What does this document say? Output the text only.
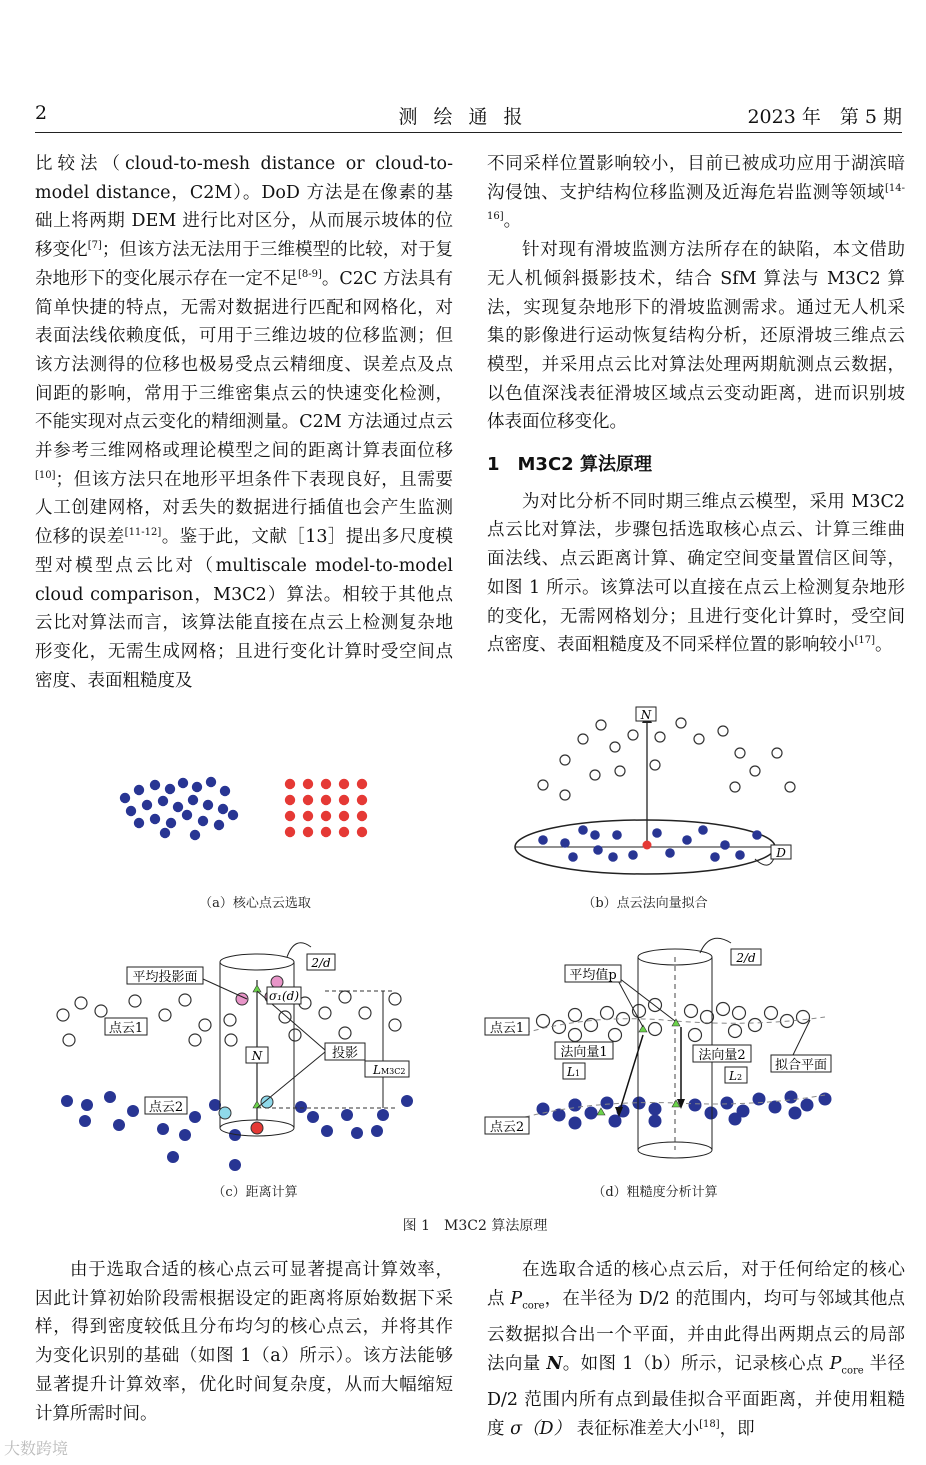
2	测绘通报	2023 年　第 5 期

比较法（cloud-to-mesh distance or cloud-to-model distance，C2M）。DoD 方法是在像素的基础上将两期 DEM 进行比对区分，从而展示坡体的位移变化[7]；但该方法无法用于三维模型的比较，对于复杂地形下的变化展示存在一定不足[8-9]。C2C 方法具有简单快捷的特点，无需对数据进行匹配和网格化，对表面法线依赖度低，可用于三维边坡的位移监测；但该方法测得的位移也极易受点云精细度、误差点及点间距的影响，常用于三维密集点云的快速变化检测，不能实现对点云变化的精细测量。C2M 方法通过点云并参考三维网格或理论模型之间的距离计算表面位移[10]；但该方法只在地形平坦条件下表现良好，且需要人工创建网格，对丢失的数据进行插值也会产生监测位移的误差[11-12]。鉴于此，文献［13］提出多尺度模型对模型点云比对（multiscale model-to-model cloud comparison，M3C2）算法。相较于其他点云比对算法而言，该算法能直接在点云上检测复杂地形变化，无需生成网格；且进行变化计算时受空间点密度、表面粗糙度及

不同采样位置影响较小，目前已被成功应用于湖滨暗沟侵蚀、支护结构位移监测及近海危岩监测等领域[14-16]。

针对现有滑坡监测方法所存在的缺陷，本文借助无人机倾斜摄影技术，结合 SfM 算法与 M3C2 算法，实现复杂地形下的滑坡监测需求。通过无人机采集的影像进行运动恢复结构分析，还原滑坡三维点云模型，并采用点云比对算法处理两期航测点云数据，以色值深浅表征滑坡区域点云变动距离，进而识别坡体表面位移变化。

1　M3C2 算法原理

为对比分析不同时期三维点云模型，采用 M3C2 点云比对算法，步骤包括选取核心点云、计算三维曲面法线、点云距离计算、确定空间变量置信区间等，如图 1 所示。该算法可以直接在点云上检测复杂地形的变化，无需网格划分；且进行变化计算时，受空间点密度、表面粗糙度及不同采样位置的影响较小[17]。

N
D
平均投影面
点云1
点云2
2/d
σ₁(d)
N	投影
LM3C2
平均值p
2/d
点云1
点云2
法向量1	法向量2
L1	L2
拟合平面
（a）核心点云选取	（b）点云法向量拟合
（c）距离计算	（d）粗糙度分析计算
图 1　M3C2 算法原理

由于选取合适的核心点云可显著提高计算效率，因此计算初始阶段需根据设定的距离将原始数据下采样，得到密度较低且分布均匀的核心点云，并将其作为变化识别的基础（如图 1（a）所示）。该方法能够显著提升计算效率，优化时间复杂度，从而大幅缩短计算所需时间。

在选取合适的核心点云后，对于任何给定的核心点 $P_{core}$，在半径为 D/2 的范围内，均可与邻域其他点云数据拟合出一个平面，并由此得出两期点云的局部法向量 N。如图 1（b）所示，记录核心点 $P_{core}$ 半径 D/2 范围内所有点到最佳拟合平面距离，并使用粗糙度 σ（D） 表征标准差大小[18]，即

大数跨境
